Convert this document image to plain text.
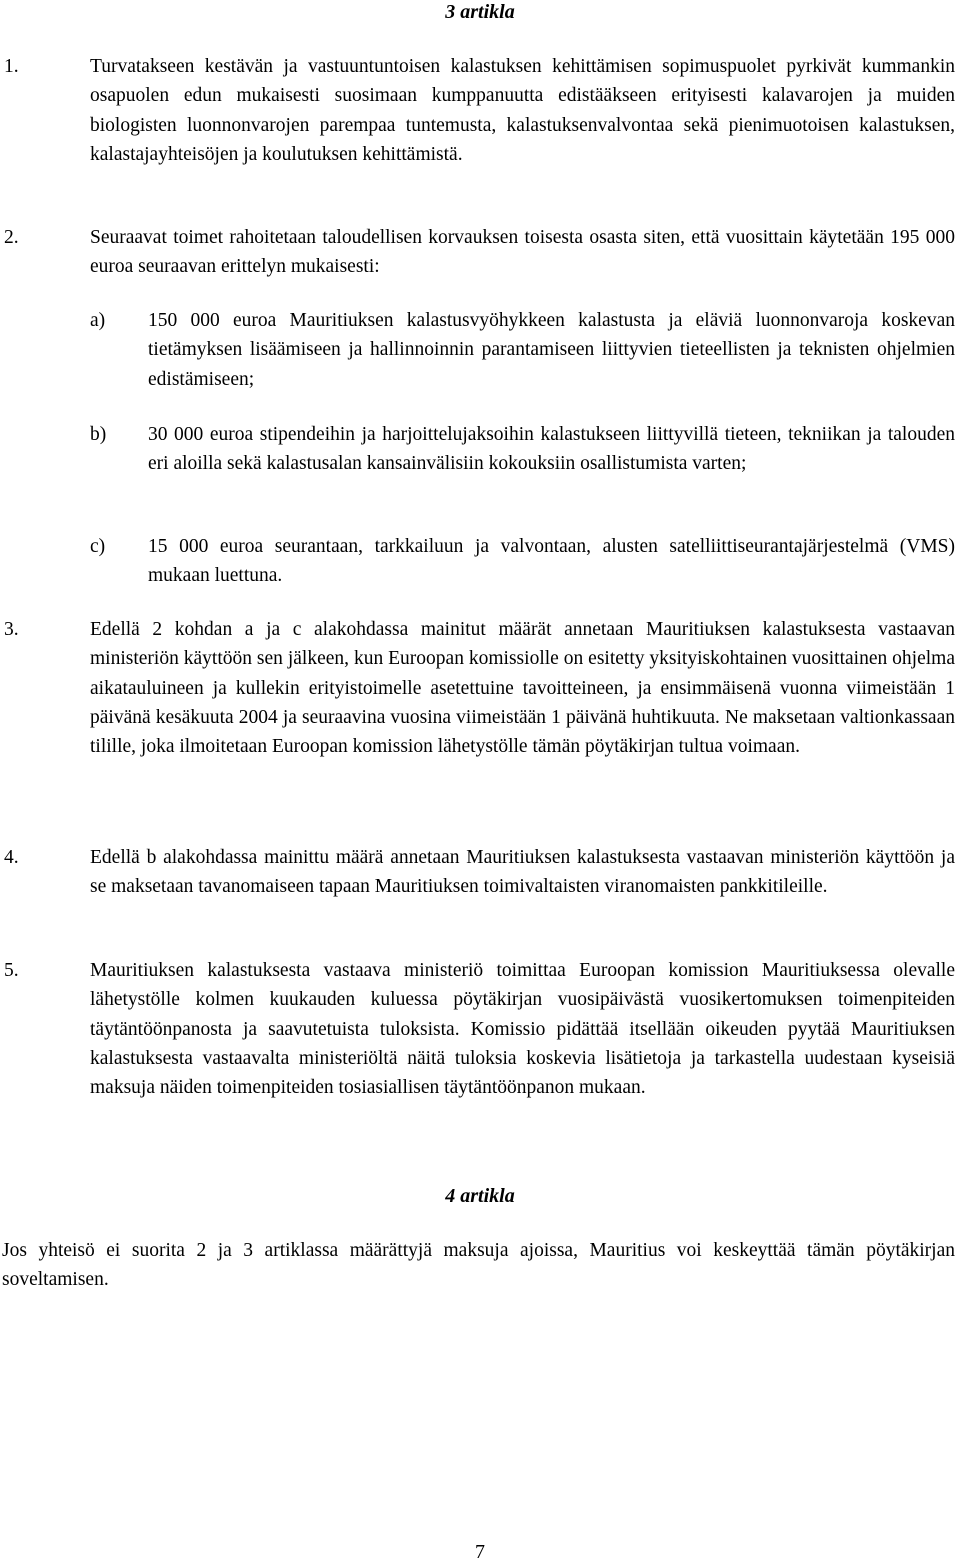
3 artikla
1.	Turvatakseen kestävän ja vastuuntuntoisen kalastuksen kehittämisen sopimuspuolet pyrkivät kummankin osapuolen edun mukaisesti suosimaan kumppanuutta edistääkseen erityisesti kalavarojen ja muiden biologisten luonnonvarojen parempaa tuntemusta, kalastuksenvalvontaa sekä pienimuotoisen kalastuksen, kalastajayhteisöjen ja koulutuksen kehittämistä.
2.	Seuraavat toimet rahoitetaan taloudellisen korvauksen toisesta osasta siten, että vuosittain käytetään 195 000 euroa seuraavan erittelyn mukaisesti:
a) 150 000 euroa Mauritiuksen kalastusvyöhykkeen kalastusta ja eläviä luonnonvaroja koskevan tietämyksen lisäämiseen ja hallinnoinnin parantamiseen liittyvien tieteellisten ja teknisten ohjelmien edistämiseen;
b) 30 000 euroa stipendeihin ja harjoittelujaksoihin kalastukseen liittyvillä tieteen, tekniikan ja talouden eri aloilla sekä kalastusalan kansainvälisiin kokouksiin osallistumista varten;
c) 15 000 euroa seurantaan, tarkkailuun ja valvontaan, alusten satelliittiseurantajärjestelmä (VMS) mukaan luettuna.
3.	Edellä 2 kohdan a ja c alakohdassa mainitut määrät annetaan Mauritiuksen kalastuksesta vastaavan ministeriön käyttöön sen jälkeen, kun Euroopan komissiolle on esitetty yksityiskohtainen vuosittainen ohjelma aikatauluineen ja kullekin erityistoimelle asetettuine tavoitteineen, ja ensimmäisenä vuonna viimeistään 1 päivänä kesäkuuta 2004 ja seuraavina vuosina viimeistään 1 päivänä huhtikuuta. Ne maksetaan valtionkassaan tilille, joka ilmoitetaan Euroopan komission lähetystölle tämän pöytäkirjan tultua voimaan.
4.	Edellä b alakohdassa mainittu määrä annetaan Mauritiuksen kalastuksesta vastaavan ministeriön käyttöön ja se maksetaan tavanomaiseen tapaan Mauritiuksen toimivaltaisten viranomaisten pankkitileille.
5.	Mauritiuksen kalastuksesta vastaava ministeriö toimittaa Euroopan komission Mauritiuksessa olevalle lähetystölle kolmen kuukauden kuluessa pöytäkirjan vuosipäivästä vuosikertomuksen toimenpiteiden täytäntöönpanosta ja saavutetuista tuloksista. Komissio pidättää itsellään oikeuden pyytää Mauritiuksen kalastuksesta vastaavalta ministeriöltä näitä tuloksia koskevia lisätietoja ja tarkastella uudestaan kyseisiä maksuja näiden toimenpiteiden tosiasiallisen täytäntöönpanon mukaan.
4 artikla
Jos yhteisö ei suorita 2 ja 3 artiklassa määrättyjä maksuja ajoissa, Mauritius voi keskeyttää tämän pöytäkirjan soveltamisen.
7
